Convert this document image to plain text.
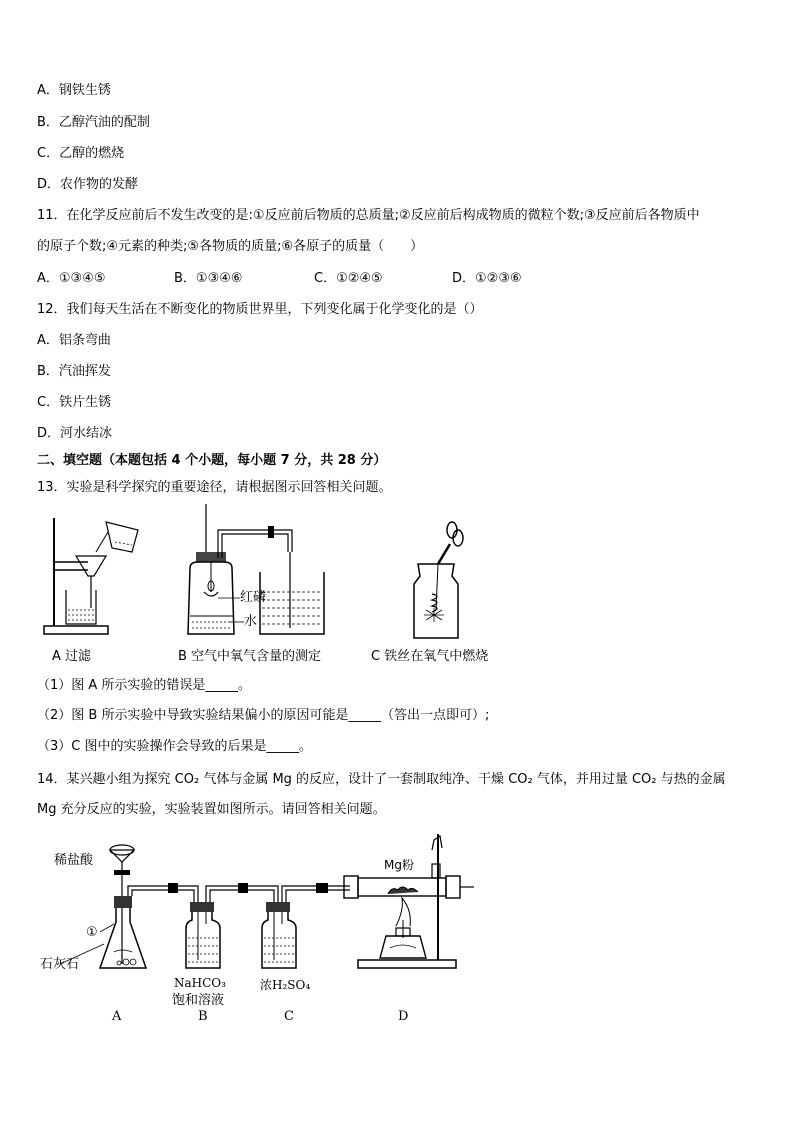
A．钢铁生锈
B．乙醇汽油的配制
C．乙醇的燃烧
D．农作物的发酵
11．在化学反应前后不发生改变的是:①反应前后物质的总质量;②反应前后构成物质的微粒个数;③反应前后各物质中
的原子个数;④元素的种类;⑤各物质的质量;⑥各原子的质量（　　）
A．①③④⑤	B．①③④⑥	C．①②④⑤	D．①②③⑥
12．我们每天生活在不断变化的物质世界里，下列变化属于化学变化的是（）
A．铝条弯曲
B．汽油挥发
C．铁片生锈
D．河水结冰
二、填空题（本题包括 4 个小题，每小题 7 分，共 28 分）
13．实验是科学探究的重要途径，请根据图示回答相关问题。
A 过滤
红磷
水
B 空气中氧气含量的测定	C 铁丝在氧气中燃烧
（1）图 A 所示实验的错误是_____。
（2）图 B 所示实验中导致实验结果偏小的原因可能是_____（答出一点即可）;
（3）C 图中的实验操作会导致的后果是_____。
14．某兴趣小组为探究 CO₂ 气体与金属 Mg 的反应，设计了一套制取纯净、干燥 CO₂ 气体，并用过量 CO₂ 与热的金属
Mg 充分反应的实验，实验装置如图所示。请回答相关问题。
稀盐酸
①
石灰石
Mg粉
NaHCO₃
饱和溶液
浓H₂SO₄
A	B	C	D
